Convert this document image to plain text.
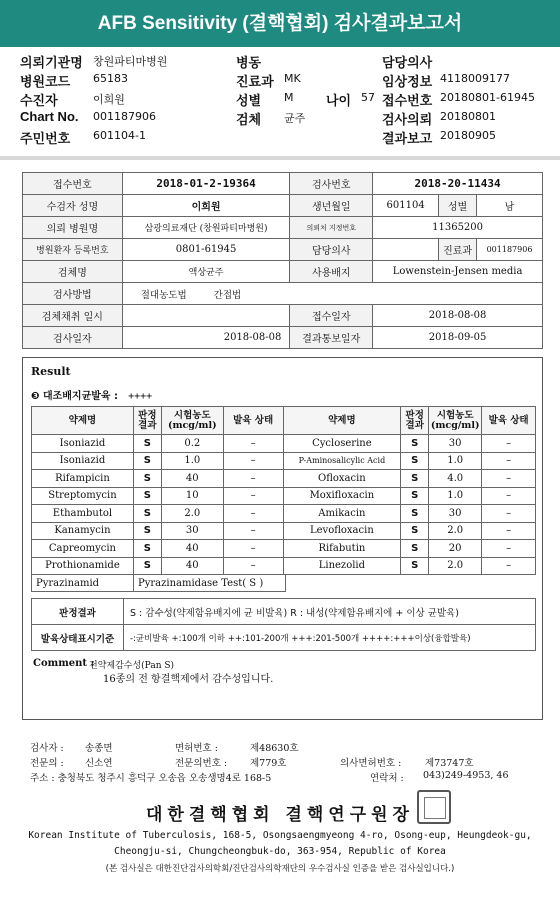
AFB Sensitivity (결핵협회) 검사결과보고서
의뢰기관명 창원파티마병원	병동	담당의사
병원코드 65183	진료과 MK	임상정보 4118009177
수진자	이희원	성별 M	나이 57 접수번호 20180801-61945
Chart No. 001187906	검체 균주	검사의뢰 20180801
주민번호 601104-1	결과보고 20180905
접수번호	2018-01-2-19364	검사번호	2018-20-11434		
수검자 성명	이희원	생년월일	601104	성별	남
의뢰 병원명	삼광의료재단 (창원파티마병원)	의뢰처 지정번호	11365200		
병원환자 등록번호	0801-61945	담당의사		진료과	001187906
검체명	액상균주	사용배지	Lowenstein-Jensen media		
검사방법	절대농도법 간접법				
검체채취 일시		접수일자	2018-08-08		
검사일자	2018-08-08	결과통보일자	2018-09-05		
Result
❸ 대조배지균발육 : ++++
약제명	판정 결과	시험농도 (mcg/ml)	발육 상태	약제명	판정 결과	시험농도 (mcg/ml)	발육 상태
Isoniazid	S	0.2	–	Cycloserine	S	30	–
Isoniazid	S	1.0	–	P-Aminosalicylic Acid	S	1.0	–
Rifampicin	S	40	–	Ofloxacin	S	4.0	–
Streptomycin	S	10	–	Moxifloxacin	S	1.0	–
Ethambutol	S	2.0	–	Amikacin	S	30	–
Kanamycin	S	30	–	Levofloxacin	S	2.0	–
Capreomycin	S	40	–	Rifabutin	S	20	–
Prothionamide	S	40	–	Linezolid	S	2.0	–
판정결과	S : 감수성(약제함유배지에 균 비발육) R : 내성(약제함유배지에 + 이상 균발육)
발육상태표시기준	-:균비발육 +:100개 이하 ++:101-200개 +++:201-500개 ++++:+++이상(융합발육)
Comment :
전약제감수성(Pan S)
16종의 전 항결핵제에서 감수성입니다.
Pyrazinamid	Pyrazinamidase Test( S )
검사자 : 송종면	면허번호 :	제48630호
전문의 : 신소연	전문의번호 : 제779호	의사면허번호 : 제73747호
주소 : 충청북도 청주시 흥덕구 오송읍 오송생명4로 168-5	연락처 : 043)249-4953, 46
대한결핵협회 결핵연구원장
Korean Institute of Tuberculosis, 168-5, Osongsaengmyeong 4-ro, Osong-eup, Heungdeok-gu,
Cheongju-si, Chungcheongbuk-do, 363-954, Republic of Korea
(본 검사실은 대한진단검사의학회/진단검사의학재단의 우수검사실 인증을 받은 검사실입니다.)
